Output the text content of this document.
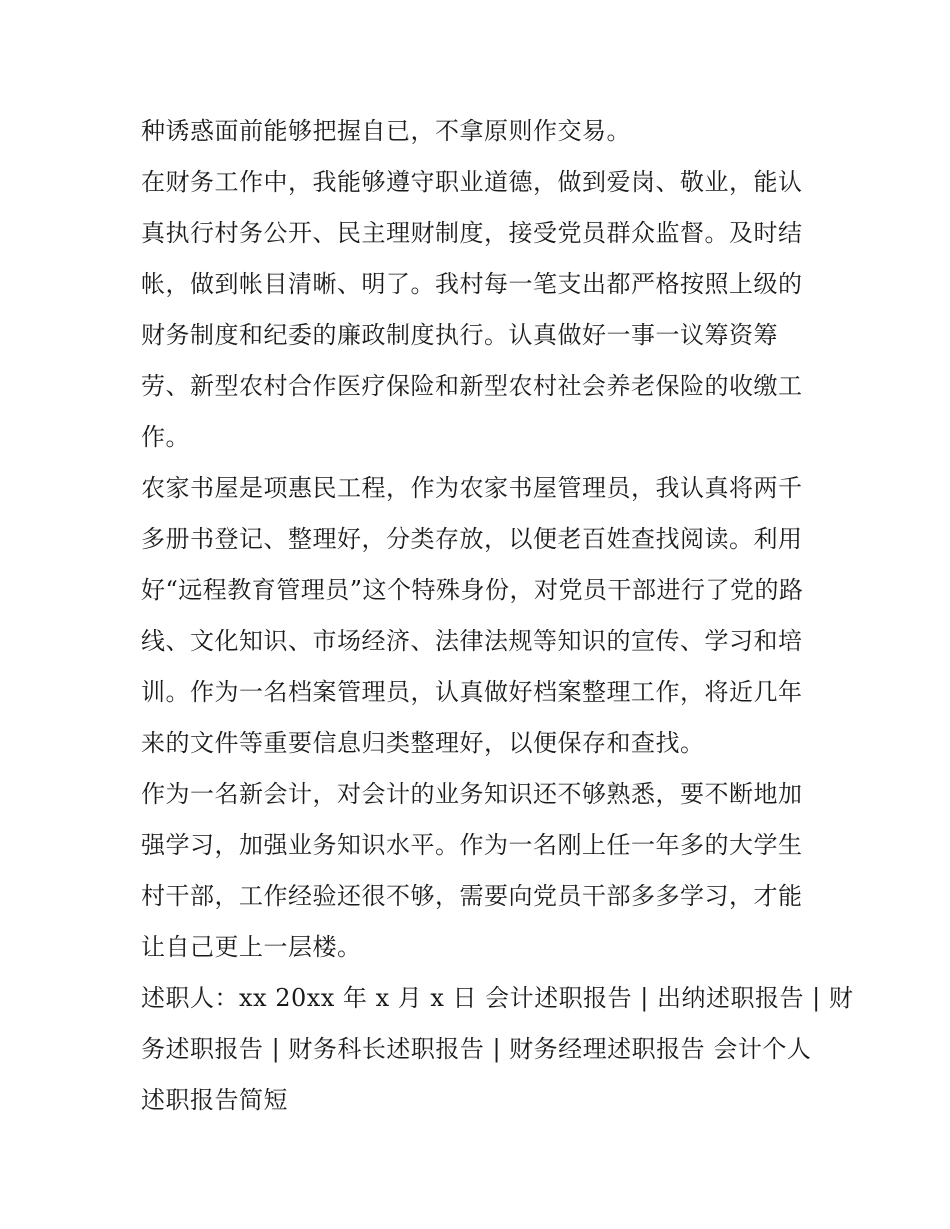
种诱惑面前能够把握自已，不拿原则作交易。
在财务工作中，我能够遵守职业道德，做到爱岗、敬业，能认
真执行村务公开、民主理财制度，接受党员群众监督。及时结
帐，做到帐目清晰、明了。我村每一笔支出都严格按照上级的
财务制度和纪委的廉政制度执行。认真做好一事一议筹资筹
劳、新型农村合作医疗保险和新型农村社会养老保险的收缴工
作。
农家书屋是项惠民工程，作为农家书屋管理员，我认真将两千
多册书登记、整理好，分类存放，以便老百姓查找阅读。利用
好“远程教育管理员”这个特殊身份，对党员干部进行了党的路
线、文化知识、市场经济、法律法规等知识的宣传、学习和培
训。作为一名档案管理员，认真做好档案整理工作，将近几年
来的文件等重要信息归类整理好，以便保存和查找。
作为一名新会计，对会计的业务知识还不够熟悉，要不断地加
强学习，加强业务知识水平。作为一名刚上任一年多的大学生
村干部，工作经验还很不够，需要向党员干部多多学习，才能
让自己更上一层楼。
述职人：xx 20xx 年 x 月 x 日 会计述职报告 | 出纳述职报告 | 财
务述职报告 | 财务科长述职报告 | 财务经理述职报告 会计个人
述职报告简短
